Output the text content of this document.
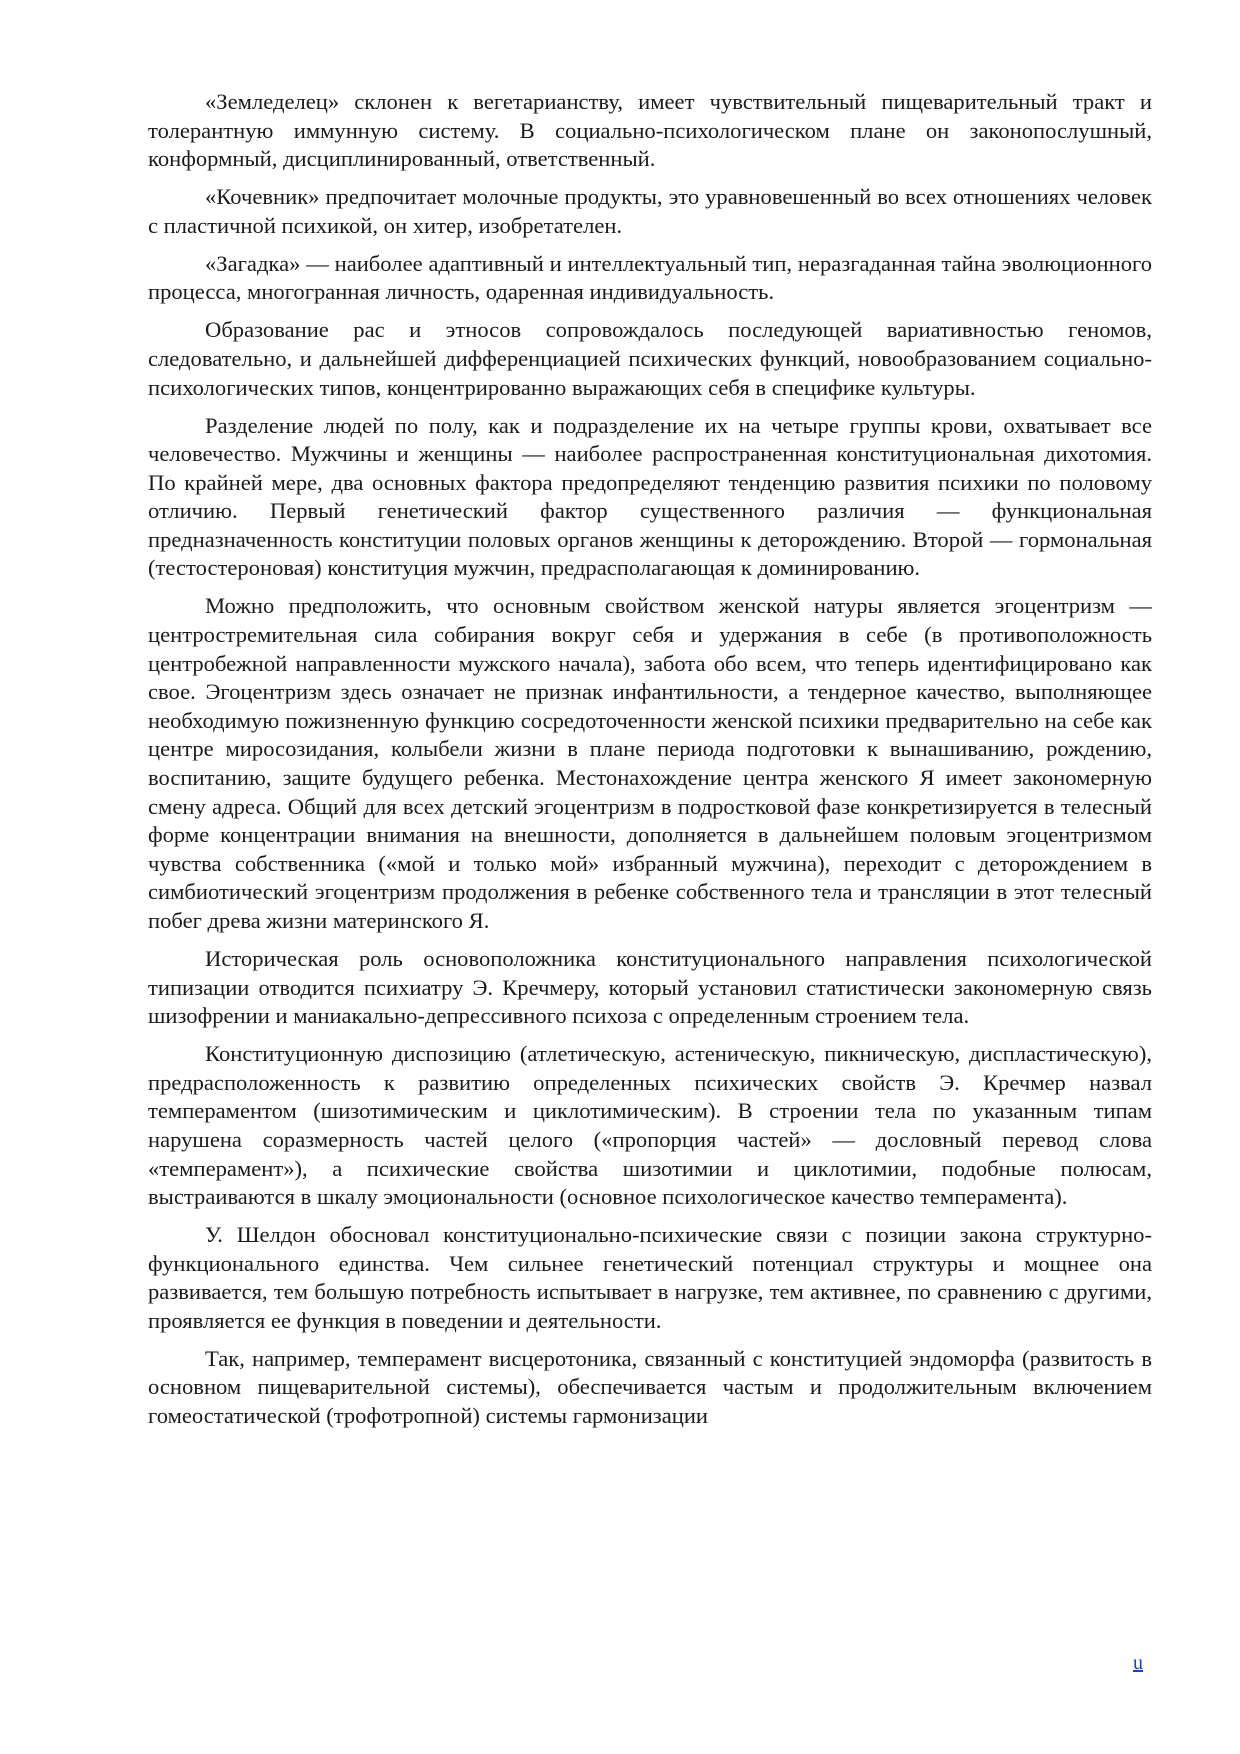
«Земледелец» склонен к вегетарианству, имеет чувствительный пищеварительный тракт и толерантную иммунную систему. В социально-психологическом плане он законопослушный, конформный, дисциплинированный, ответственный.

«Кочевник» предпочитает молочные продукты, это уравновешенный во всех отношениях человек с пластичной психикой, он хитер, изобретателен.

«Загадка» — наиболее адаптивный и интеллектуальный тип, неразгаданная тайна эволюционного процесса, многогранная личность, одаренная индивидуальность.

Образование рас и этносов сопровождалось последующей вариативностью геномов, следовательно, и дальнейшей дифференциацией психических функций, новообразованием социально-психологических типов, концентрированно выражающих себя в специфике культуры.

Разделение людей по полу, как и подразделение их на четыре группы крови, охватывает все человечество. Мужчины и женщины — наиболее распространенная конституциональная дихотомия. По крайней мере, два основных фактора предопределяют тенденцию развития психики по половому отличию. Первый генетический фактор существенного различия — функциональная предназначенность конституции половых органов женщины к деторождению. Второй — гормональная (тестостероновая) конституция мужчин, предрасполагающая к доминированию.

Можно предположить, что основным свойством женской натуры является эгоцентризм — центростремительная сила собирания вокруг себя и удержания в себе (в противоположность центробежной направленности мужского начала), забота обо всем, что теперь идентифицировано как свое. Эгоцентризм здесь означает не признак инфантильности, а тендерное качество, выполняющее необходимую пожизненную функцию сосредоточенности женской психики предварительно на себе как центре миросозидания, колыбели жизни в плане периода подготовки к вынашиванию, рождению, воспитанию, защите будущего ребенка. Местонахождение центра женского Я имеет закономерную смену адреса. Общий для всех детский эгоцентризм в подростковой фазе конкретизируется в телесный форме концентрации внимания на внешности, дополняется в дальнейшем половым эгоцентризмом чувства собственника («мой и только мой» избранный мужчина), переходит с деторождением в симбиотический эгоцентризм продолжения в ребенке собственного тела и трансляции в этот телесный побег древа жизни материнского Я.

Историческая роль основоположника конституционального направления психологической типизации отводится психиатру Э. Кречмеру, который установил статистически закономерную связь шизофрении и маниакально-депрессивного психоза с определенным строением тела.

Конституционную диспозицию (атлетическую, астеническую, пикническую, диспластическую), предрасположенность к развитию определенных психических свойств Э. Кречмер назвал темпераментом (шизотимическим и циклотимическим). В строении тела по указанным типам нарушена соразмерность частей целого («пропорция частей» — дословный перевод слова «темперамент»), а психические свойства шизотимии и циклотимии, подобные полюсам, выстраиваются в шкалу эмоциональности (основное психологическое качество темперамента).

У. Шелдон обосновал конституционально-психические связи с позиции закона структурно-функционального единства. Чем сильнее генетический потенциал структуры и мощнее она развивается, тем большую потребность испытывает в нагрузке, тем активнее, по сравнению с другими, проявляется ее функция в поведении и деятельности.

Так, например, темперамент висцеротоника, связанный с конституцией эндоморфа (развитость в основном пищеварительной системы), обеспечивается частым и продолжительным включением гомеостатической (трофотропной) системы гармонизации

u
